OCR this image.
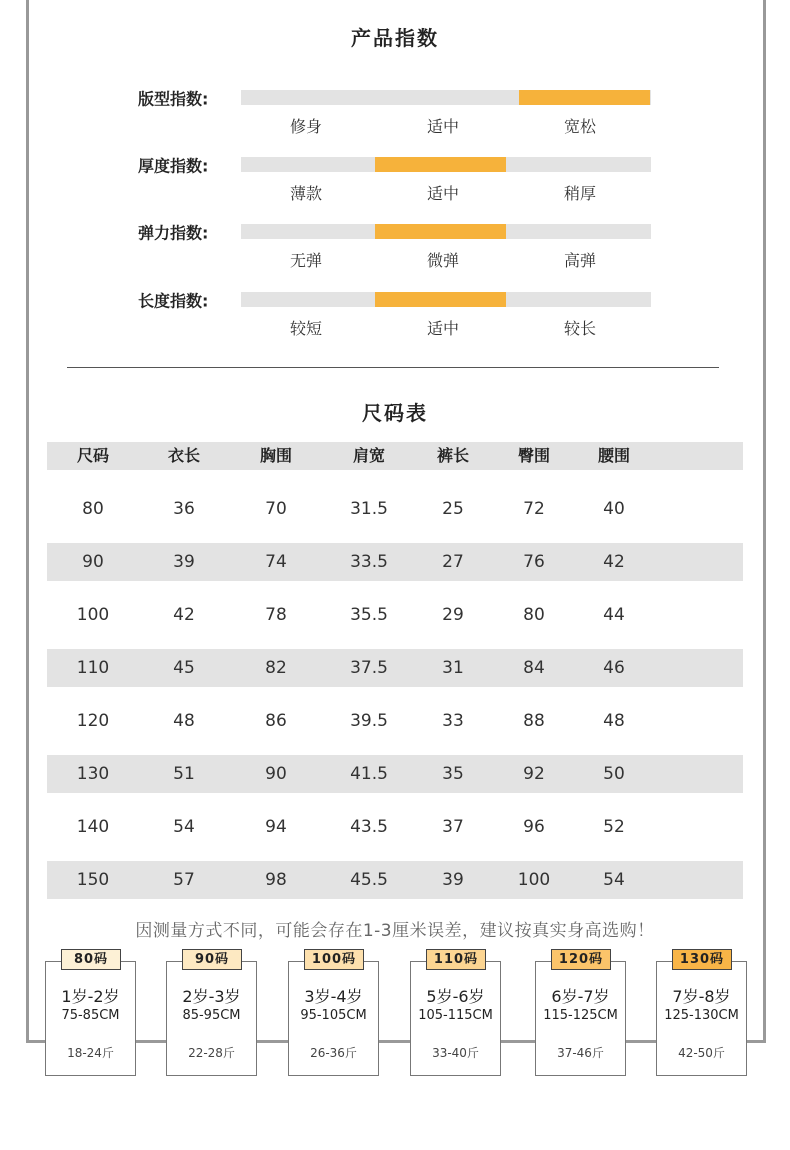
产品指数
版型指数:
修身	适中	宽松
厚度指数:
薄款	适中	稍厚
弹力指数:
无弹	微弹	高弹
长度指数:
较短	适中	较长
尺码表
尺码	衣长	胸围	肩宽	裤长	臀围	腰围
80	36	70	31.5	25	72	40
90	39	74	33.5	27	76	42
100	42	78	35.5	29	80	44
110	45	82	37.5	31	84	46
120	48	86	39.5	33	88	48
130	51	90	41.5	35	92	50
140	54	94	43.5	37	96	52
150	57	98	45.5	39	100	54
因测量方式不同，可能会存在1-3厘米误差，建议按真实身高选购！
1岁-2岁
75-85CM
18-24斤
80码
2岁-3岁
85-95CM
22-28斤
90码
3岁-4岁
95-105CM
26-36斤
100码
5岁-6岁
105-115CM
33-40斤
110码
6岁-7岁
115-125CM
37-46斤
120码
7岁-8岁
125-130CM
42-50斤
130码
